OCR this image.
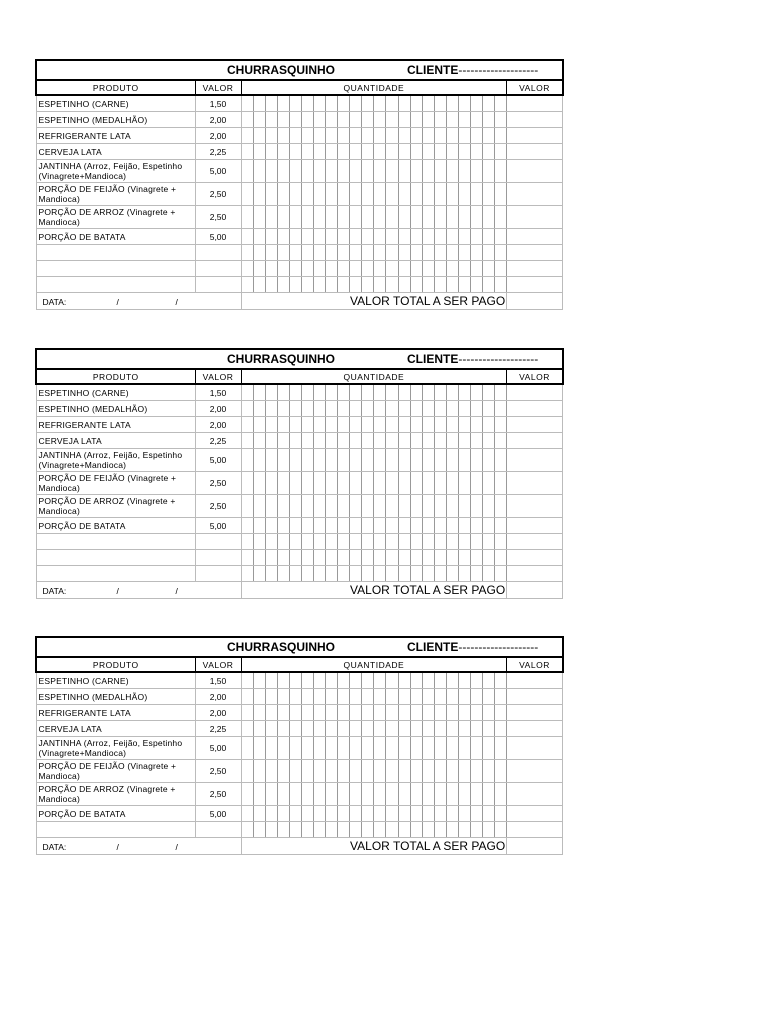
CHURRASQUINHO CLIENTE--------------------																								

PRODUTO	VALOR	QUANTIDADE																						VALOR
ESPETINHO (CARNE)	1,50																							
ESPETINHO (MEDALHÃO)	2,00																							
REFRIGERANTE LATA	2,00																							
CERVEJA LATA	2,25																							
JANTINHA (Arroz, Feijão, Espetinho (Vinagrete+Mandioca)	5,00																							
PORÇÃO DE FEIJÃO (Vinagrete + Mandioca)	2,50																							
PORÇÃO DE ARROZ (Vinagrete + Mandioca)	2,50																							
PORÇÃO DE BATATA	5,00																							

DATA: / /		VALOR TOTAL A SER PAGO																						
CHURRASQUINHO CLIENTE--------------------																								

PRODUTO	VALOR	QUANTIDADE																						VALOR
ESPETINHO (CARNE)	1,50																							
ESPETINHO (MEDALHÃO)	2,00																							
REFRIGERANTE LATA	2,00																							
CERVEJA LATA	2,25																							
JANTINHA (Arroz, Feijão, Espetinho (Vinagrete+Mandioca)	5,00																							
PORÇÃO DE FEIJÃO (Vinagrete + Mandioca)	2,50																							
PORÇÃO DE ARROZ (Vinagrete + Mandioca)	2,50																							
PORÇÃO DE BATATA	5,00																							

DATA: / /		VALOR TOTAL A SER PAGO																						
CHURRASQUINHO CLIENTE--------------------																								

PRODUTO	VALOR	QUANTIDADE																						VALOR
ESPETINHO (CARNE)	1,50																							
ESPETINHO (MEDALHÃO)	2,00																							
REFRIGERANTE LATA	2,00																							
CERVEJA LATA	2,25																							
JANTINHA (Arroz, Feijão, Espetinho (Vinagrete+Mandioca)	5,00																							
PORÇÃO DE FEIJÃO (Vinagrete + Mandioca)	2,50																							
PORÇÃO DE ARROZ (Vinagrete + Mandioca)	2,50																							
PORÇÃO DE BATATA	5,00																							

DATA: / /		VALOR TOTAL A SER PAGO																						
